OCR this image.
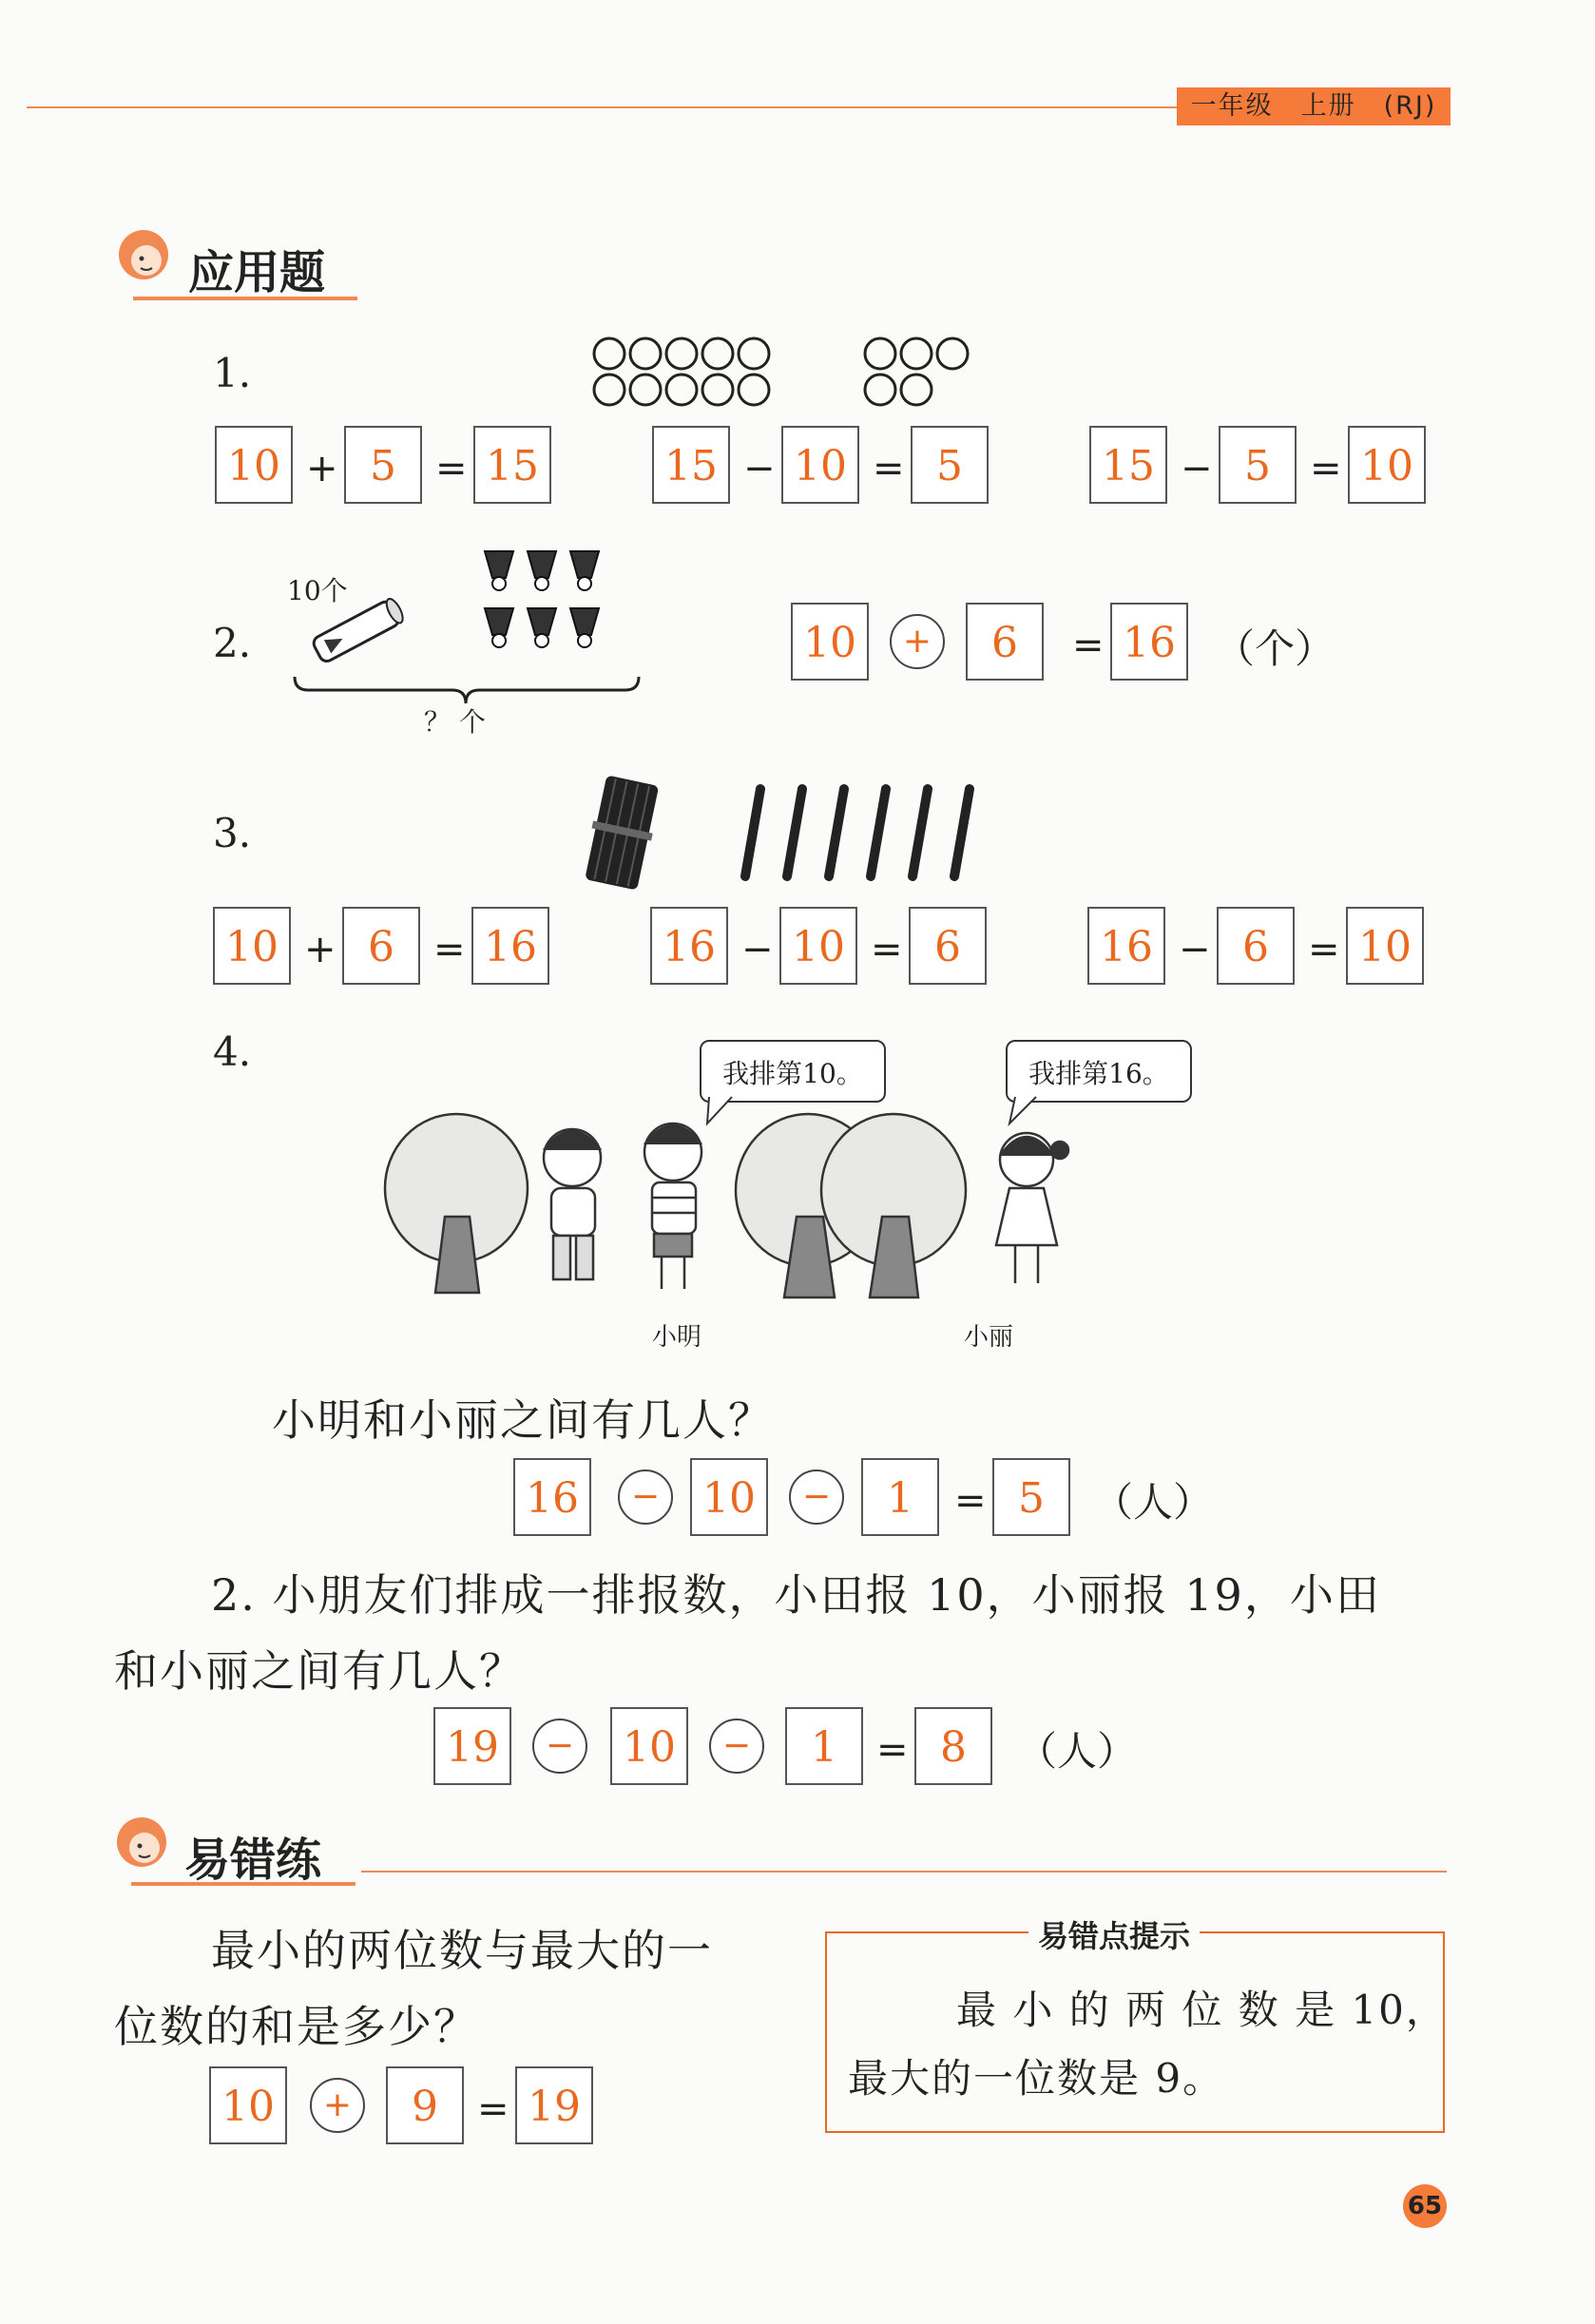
一年级　上册　(RJ)
应用题
1.
10 + 5	= 15	15 − 10 = 5	15 − 5	= 10
2.
10个
？ 个
10	+	6	= 16 （个）
3.
10 + 6	= 16	16 − 10 = 6	16 − 6	= 10
4.	我排第10。	我排第16。
小明	小丽
小明和小丽之间有几人？
16	−	10	−	1	= 5	（人）
2. 小朋友们排成一排报数，小田报 10，小丽报 19，小田
和小丽之间有几人？
19	−	10	−	1	= 8	（人）
易错练
最小的两位数与最大的一
位数的和是多少？
10	+	9	= 19
易错点提示
最 小 的 两 位 数 是 10，
最大的一位数是 9。
65
